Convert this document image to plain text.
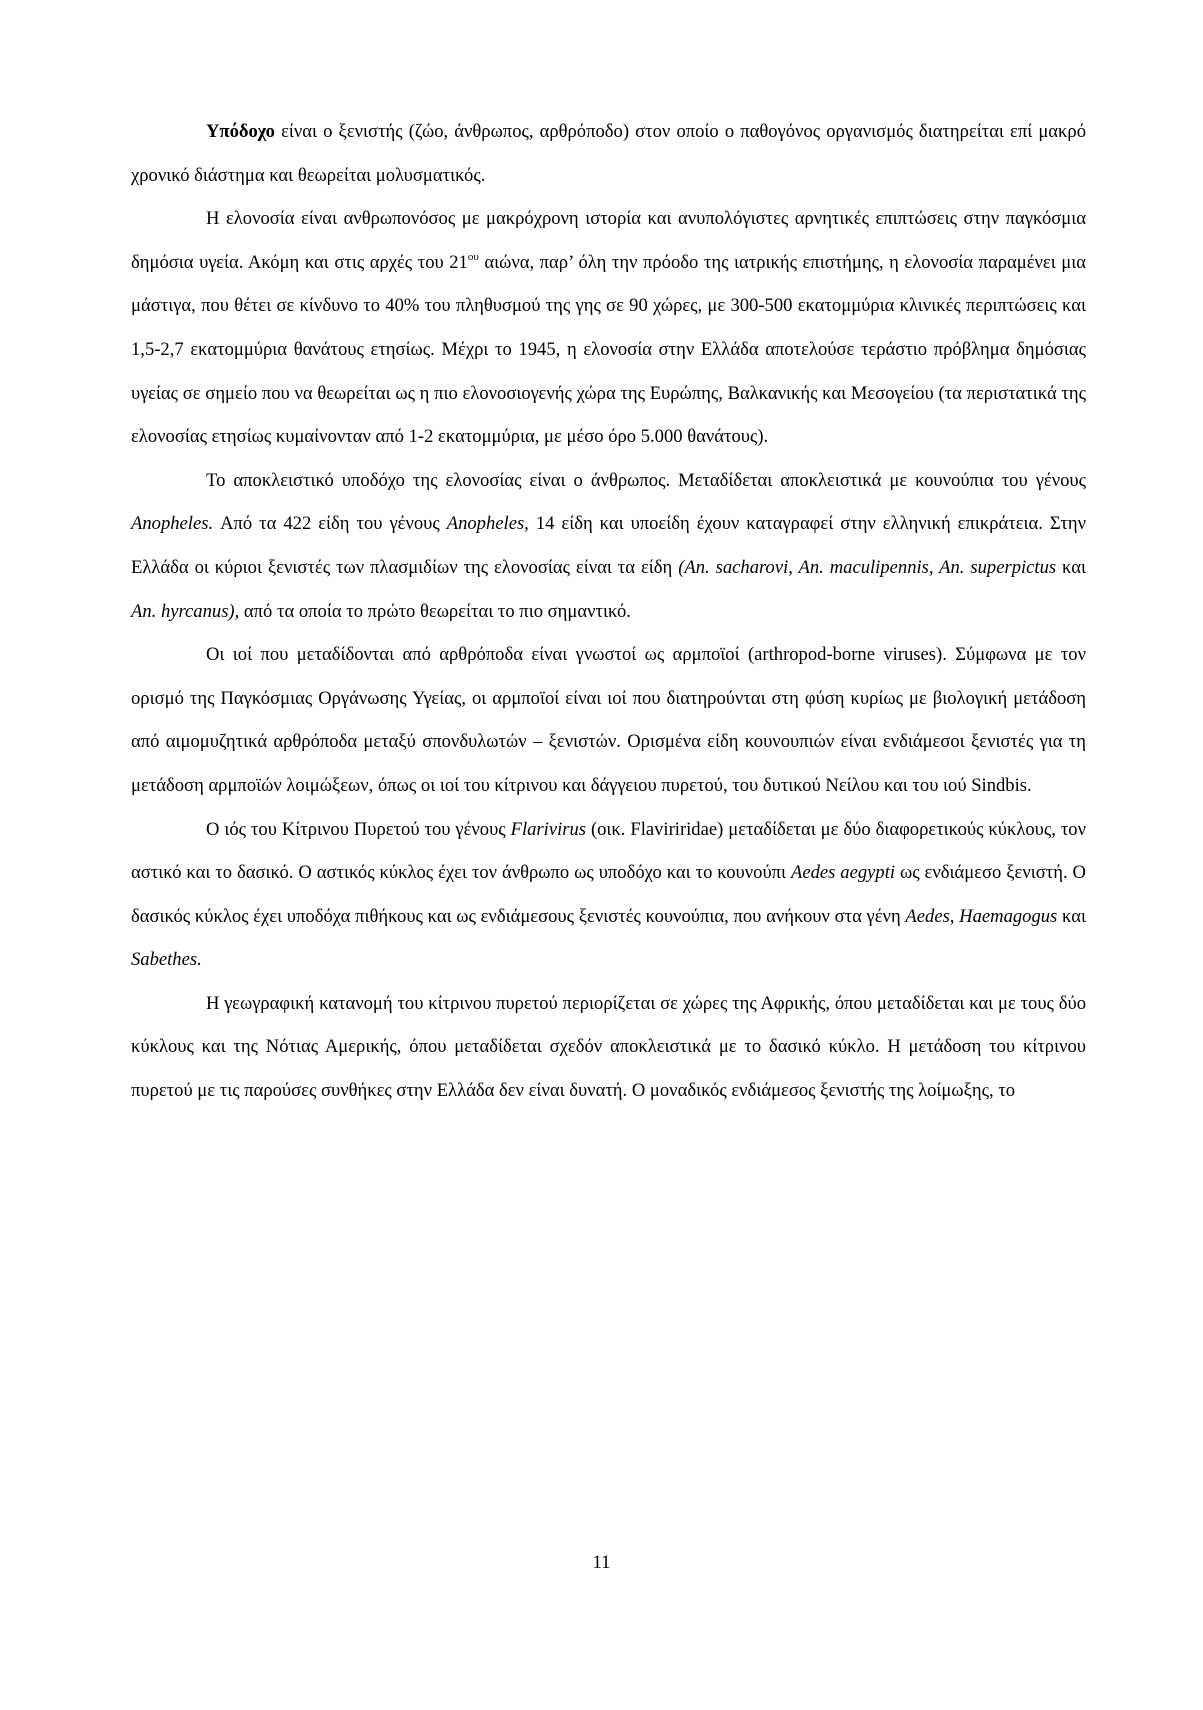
Υπόδοχο είναι ο ξενιστής (ζώο, άνθρωπος, αρθρόποδο) στον οποίο ο παθογόνος οργανισμός διατηρείται επί μακρό χρονικό διάστημα και θεωρείται μολυσματικός.

Η ελονοσία είναι ανθρωπονόσος με μακρόχρονη ιστορία και ανυπολόγιστες αρνητικές επιπτώσεις στην παγκόσμια δημόσια υγεία. Ακόμη και στις αρχές του $21^{o\upsilon}$ αιώνα, παρ’ όλη την πρόοδο της ιατρικής επιστήμης, η ελονοσία παραμένει μια μάστιγα, που θέτει σε κίνδυνο το 40% του πληθυσμού της γης σε 90 χώρες, με 300-500 εκατομμύρια κλινικές περιπτώσεις και 1,5-2,7 εκατομμύρια θανάτους ετησίως. Μέχρι το 1945, η ελονοσία στην Ελλάδα αποτελούσε τεράστιο πρόβλημα δημόσιας υγείας σε σημείο που να θεωρείται ως η πιο ελονοσιογενής χώρα της Ευρώπης, Βαλκανικής και Μεσογείου (τα περιστατικά της ελονοσίας ετησίως κυμαίνονταν από 1-2 εκατομμύρια, με μέσο όρο 5.000 θανάτους).

Το αποκλειστικό υποδόχο της ελονοσίας είναι ο άνθρωπος. Μεταδίδεται αποκλειστικά με κουνούπια του γένους Anopheles. Από τα 422 είδη του γένους Anopheles, 14 είδη και υποείδη έχουν καταγραφεί στην ελληνική επικράτεια. Στην Ελλάδα οι κύριοι ξενιστές των πλασμιδίων της ελονοσίας είναι τα είδη (An. sacharovi, An. maculipennis, An. superpictus και An. hyrcanus), από τα οποία το πρώτο θεωρείται το πιο σημαντικό.

Οι ιοί που μεταδίδονται από αρθρόποδα είναι γνωστοί ως αρμποϊοί (arthropod-borne viruses). Σύμφωνα με τον ορισμό της Παγκόσμιας Οργάνωσης Υγείας, οι αρμποϊοί είναι ιοί που διατηρούνται στη φύση κυρίως με βιολογική μετάδοση από αιμομυζητικά αρθρόποδα μεταξύ σπονδυλωτών – ξενιστών. Ορισμένα είδη κουνουπιών είναι ενδιάμεσοι ξενιστές για τη μετάδοση αρμποϊών λοιμώξεων, όπως οι ιοί του κίτρινου και δάγγειου πυρετού, του δυτικού Νείλου και του ιού Sindbis.

Ο ιός του Κίτρινου Πυρετού του γένους Flarivirus (οικ. Flaviriridae) μεταδίδεται με δύο διαφορετικούς κύκλους, τον αστικό και το δασικό. Ο αστικός κύκλος έχει τον άνθρωπο ως υποδόχο και το κουνούπι Aedes aegypti ως ενδιάμεσο ξενιστή. Ο δασικός κύκλος έχει υποδόχα πιθήκους και ως ενδιάμεσους ξενιστές κουνούπια, που ανήκουν στα γένη Aedes, Haemagogus και Sabethes.

Η γεωγραφική κατανομή του κίτρινου πυρετού περιορίζεται σε χώρες της Αφρικής, όπου μεταδίδεται και με τους δύο κύκλους και της Νότιας Αμερικής, όπου μεταδίδεται σχεδόν αποκλειστικά με το δασικό κύκλο. Η μετάδοση του κίτρινου πυρετού με τις παρούσες συνθήκες στην Ελλάδα δεν είναι δυνατή. Ο μοναδικός ενδιάμεσος ξενιστής της λοίμωξης, το

11
